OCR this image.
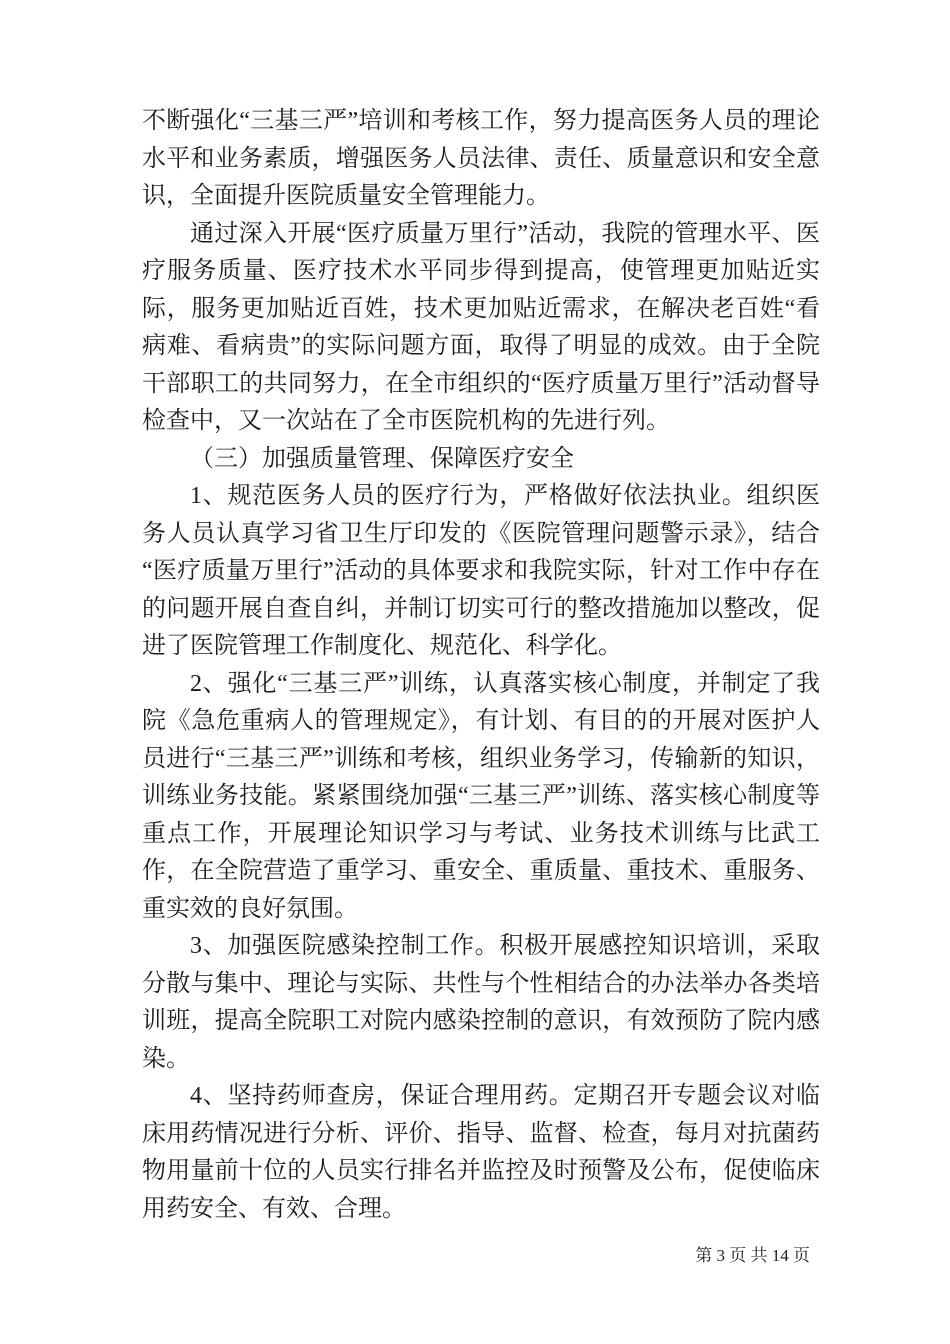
不断强化“三基三严”培训和考核工作，努力提高医务人员的理论水平和业务素质，增强医务人员法律、责任、质量意识和安全意识，全面提升医院质量安全管理能力。

通过深入开展“医疗质量万里行”活动，我院的管理水平、医疗服务质量、医疗技术水平同步得到提高，使管理更加贴近实际，服务更加贴近百姓，技术更加贴近需求，在解决老百姓“看病难、看病贵”的实际问题方面，取得了明显的成效。由于全院干部职工的共同努力，在全市组织的“医疗质量万里行”活动督导检查中，又一次站在了全市医院机构的先进行列。

（三）加强质量管理、保障医疗安全

1、规范医务人员的医疗行为，严格做好依法执业。组织医务人员认真学习省卫生厅印发的《医院管理问题警示录》，结合“医疗质量万里行”活动的具体要求和我院实际，针对工作中存在的问题开展自查自纠，并制订切实可行的整改措施加以整改，促进了医院管理工作制度化、规范化、科学化。

2、强化“三基三严”训练，认真落实核心制度，并制定了我院《急危重病人的管理规定》，有计划、有目的的开展对医护人员进行“三基三严”训练和考核，组织业务学习，传输新的知识，训练业务技能。紧紧围绕加强“三基三严”训练、落实核心制度等重点工作，开展理论知识学习与考试、业务技术训练与比武工作，在全院营造了重学习、重安全、重质量、重技术、重服务、重实效的良好氛围。

3、加强医院感染控制工作。积极开展感控知识培训，采取分散与集中、理论与实际、共性与个性相结合的办法举办各类培训班，提高全院职工对院内感染控制的意识，有效预防了院内感染。

4、坚持药师查房，保证合理用药。定期召开专题会议对临床用药情况进行分析、评价、指导、监督、检查，每月对抗菌药物用量前十位的人员实行排名并监控及时预警及公布，促使临床用药安全、有效、合理。

第 3 页 共 14 页
